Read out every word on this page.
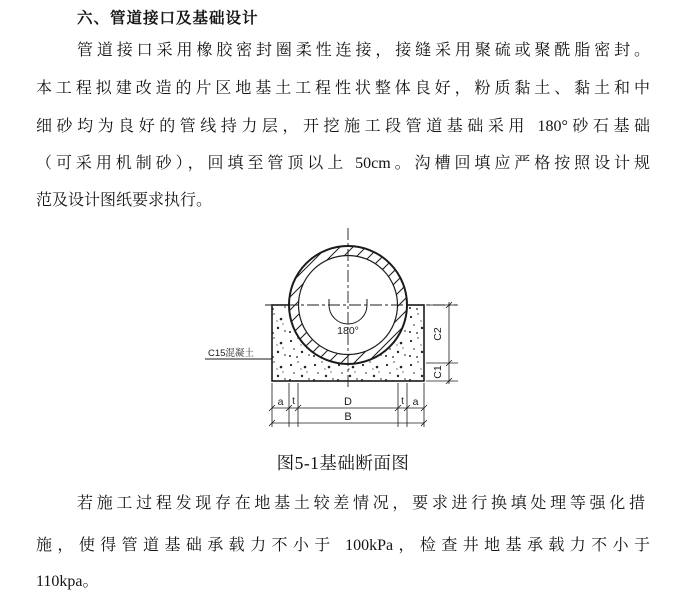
六、管道接口及基础设计
管道接口采用橡胶密封圈柔性连接，接缝采用聚硫或聚酰脂密封。
本工程拟建改造的片区地基土工程性状整体良好，粉质黏土、黏土和中
细砂均为良好的管线持力层，开挖施工段管道基础采用 180°砂石基础
（可采用机制砂），回填至管顶以上 50cm。沟槽回填应严格按照设计规
范及设计图纸要求执行。
180°
C15混凝土
C2
C1
a t	D	t a
B
图5-1基础断面图
若施工过程发现存在地基土较差情况，要求进行换填处理等强化措
施，使得管道基础承载力不小于 100kPa，检查井地基承载力不小于
110kpa。
